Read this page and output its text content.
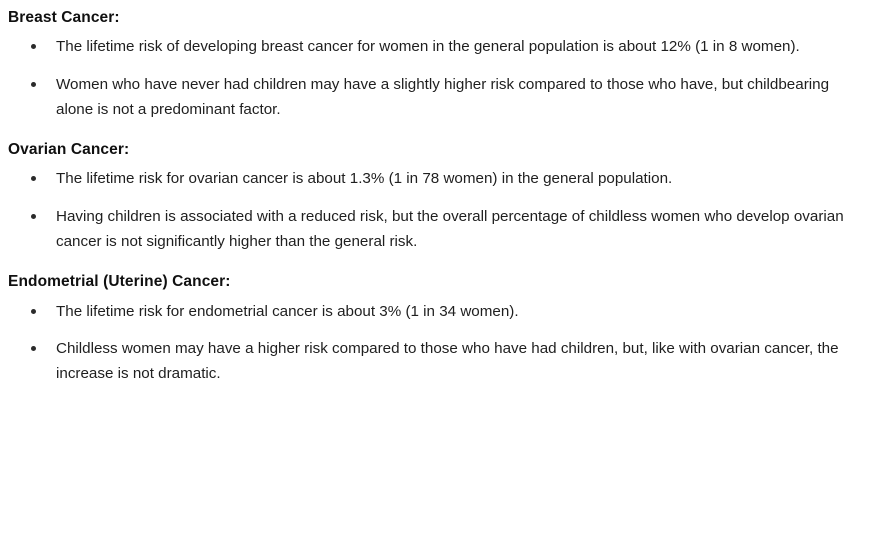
Breast Cancer:
The lifetime risk of developing breast cancer for women in the general population is about 12% (1 in 8 women).
Women who have never had children may have a slightly higher risk compared to those who have, but childbearing alone is not a predominant factor.
Ovarian Cancer:
The lifetime risk for ovarian cancer is about 1.3% (1 in 78 women) in the general population.
Having children is associated with a reduced risk, but the overall percentage of childless women who develop ovarian cancer is not significantly higher than the general risk.
Endometrial (Uterine) Cancer:
The lifetime risk for endometrial cancer is about 3% (1 in 34 women).
Childless women may have a higher risk compared to those who have had children, but, like with ovarian cancer, the increase is not dramatic.
